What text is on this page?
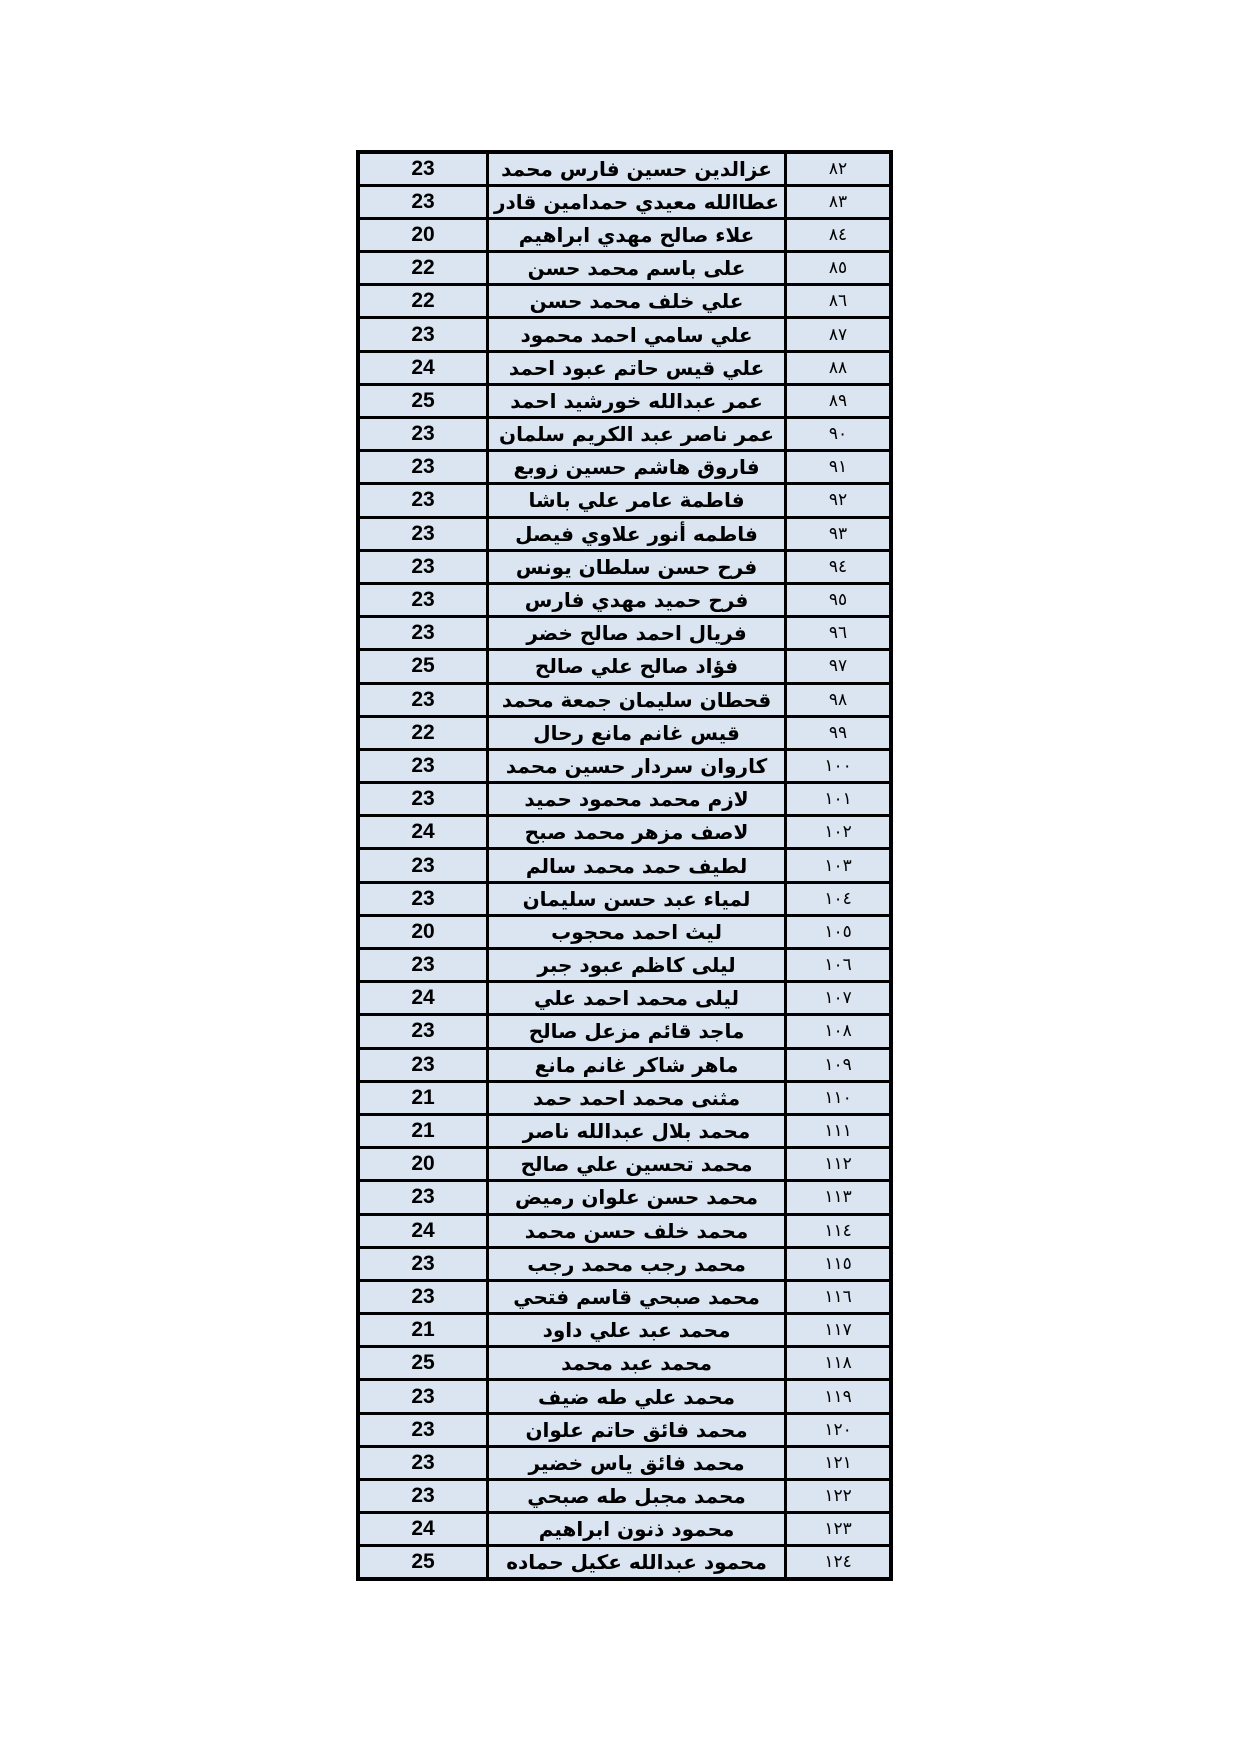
23	عزالدين حسين فارس محمد	٨٢
23	عطاالله معيدي حمدامين قادر	٨٣
20	علاء صالح مهدي ابراهيم	٨٤
22	على باسم محمد حسن	٨٥
22	علي خلف محمد حسن	٨٦
23	علي سامي احمد محمود	٨٧
24	علي قيس حاتم عبود احمد	٨٨
25	عمر عبدالله خورشيد احمد	٨٩
23	عمر ناصر عبد الكريم سلمان	٩٠
23	فاروق هاشم حسين زوبع	٩١
23	فاطمة عامر علي باشا	٩٢
23	فاطمه أنور علاوي فيصل	٩٣
23	فرح حسن سلطان يونس	٩٤
23	فرح حميد مهدي فارس	٩٥
23	فريال احمد صالح خضر	٩٦
25	فؤاد صالح علي صالح	٩٧
23	قحطان سليمان جمعة محمد	٩٨
22	قيس غانم مانع رحال	٩٩
23	كاروان سردار حسين محمد	١٠٠
23	لازم محمد محمود حميد	١٠١
24	لاصف مزهر محمد صبح	١٠٢
23	لطيف حمد محمد سالم	١٠٣
23	لمياء عبد حسن سليمان	١٠٤
20	ليث احمد محجوب	١٠٥
23	ليلى كاظم عبود جبر	١٠٦
24	ليلى محمد احمد علي	١٠٧
23	ماجد قائم مزعل صالح	١٠٨
23	ماهر شاكر غانم مانع	١٠٩
21	مثنى محمد احمد حمد	١١٠
21	محمد بلال عبدالله ناصر	١١١
20	محمد تحسين علي صالح	١١٢
23	محمد حسن علوان رميض	١١٣
24	محمد خلف حسن محمد	١١٤
23	محمد رجب محمد رجب	١١٥
23	محمد صبحي قاسم فتحي	١١٦
21	محمد عبد علي داود	١١٧
25	محمد عبد محمد	١١٨
23	محمد علي طه ضيف	١١٩
23	محمد فائق حاتم علوان	١٢٠
23	محمد فائق ياس خضير	١٢١
23	محمد مجبل طه صبحي	١٢٢
24	محمود ذنون ابراهيم	١٢٣
25	محمود عبدالله عكيل حماده	١٢٤
